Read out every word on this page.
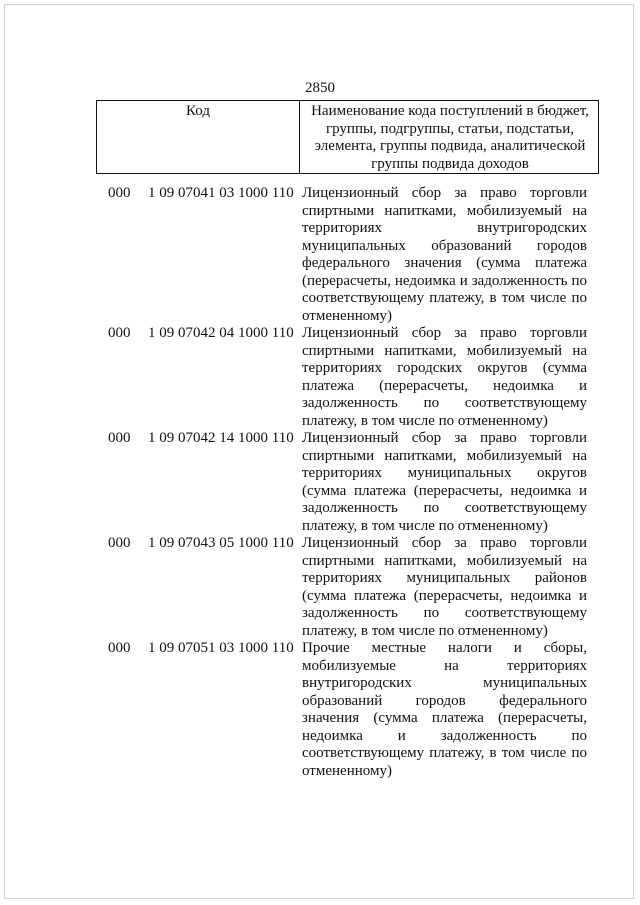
2850
Код	Наименование кода поступлений в бюджет, группы, подгруппы, статьи, подстатьи, элемента, группы подвида, аналитической группы подвида доходов
000 1 09 07041 03 1000 110 Лицензионный сбор за право торговли спиртными напитками, мобилизуемый на территориях внутригородских муниципальных образований городов федерального значения (сумма платежа (перерасчеты, недоимка и задолженность по соответствующему платежу, в том числе по отмененному)
000 1 09 07042 04 1000 110 Лицензионный сбор за право торговли спиртными напитками, мобилизуемый на территориях городских округов (сумма платежа (перерасчеты, недоимка и задолженность по соответствующему платежу, в том числе по отмененному)
000 1 09 07042 14 1000 110 Лицензионный сбор за право торговли спиртными напитками, мобилизуемый на территориях муниципальных округов (сумма платежа (перерасчеты, недоимка и задолженность по соответствующему платежу, в том числе по отмененному)
000 1 09 07043 05 1000 110 Лицензионный сбор за право торговли спиртными напитками, мобилизуемый на территориях муниципальных районов (сумма платежа (перерасчеты, недоимка и задолженность по соответствующему платежу, в том числе по отмененному)
000 1 09 07051 03 1000 110 Прочие местные налоги и сборы, мобилизуемые на территориях внутригородских муниципальных образований городов федерального значения (сумма платежа (перерасчеты, недоимка и задолженность по соответствующему платежу, в том числе по отмененному)
